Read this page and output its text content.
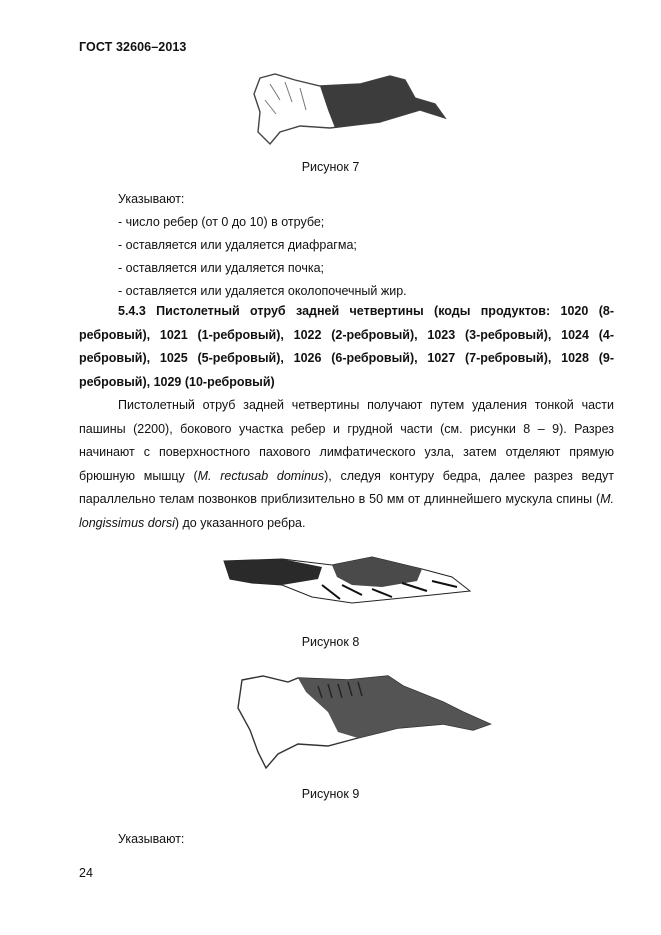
ГОСТ 32606–2013
Рисунок 7
Указывают:
- число ребер (от 0 до 10) в отрубе;
- оставляется или удаляется диафрагма;
- оставляется или удаляется почка;
- оставляется или удаляется околопочечный жир.
5.4.3 Пистолетный отруб задней четвертины (коды продуктов: 1020 (8-ребровый), 1021 (1-ребровый), 1022 (2-ребровый), 1023 (3-ребровый), 1024 (4-ребровый), 1025 (5-ребровый), 1026 (6-ребровый), 1027 (7-ребровый), 1028 (9-ребровый), 1029 (10-ребровый)
Пистолетный отруб задней четвертины получают путем удаления тонкой части пашины (2200), бокового участка ребер и грудной части (см. рисунки 8 – 9). Разрез начинают с поверхностного пахового лимфатического узла, затем отделяют прямую брюшную мышцу (M. rectusab dominus), следуя контуру бедра, далее разрез ведут параллельно телам позвонков приблизительно в 50 мм от длиннейшего мускула спины (M. longissimus dorsi) до указанного ребра.
Рисунок 8
Рисунок 9
Указывают:
24
